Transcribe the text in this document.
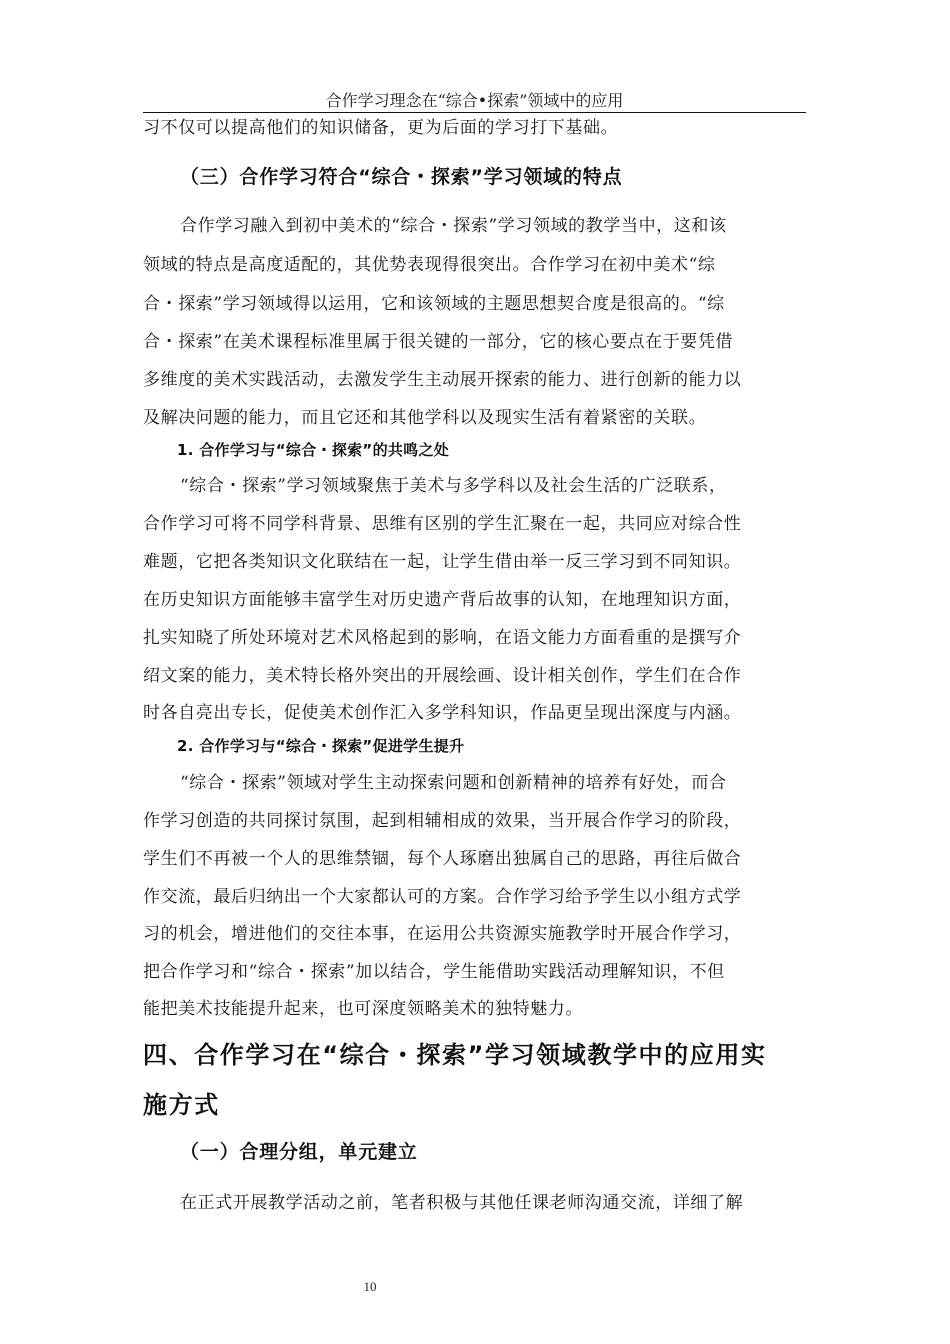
合作学习理念在“综合•探索”领域中的应用
习不仅可以提高他们的知识储备，更为后面的学习打下基础。
（三）合作学习符合“综合・探索”学习领域的特点
合作学习融入到初中美术的“综合・探索”学习领域的教学当中，这和该
领域的特点是高度适配的，其优势表现得很突出。合作学习在初中美术“综
合・探索”学习领域得以运用，它和该领域的主题思想契合度是很高的。“综
合・探索”在美术课程标准里属于很关键的一部分，它的核心要点在于要凭借
多维度的美术实践活动，去激发学生主动展开探索的能力、进行创新的能力以
及解决问题的能力，而且它还和其他学科以及现实生活有着紧密的关联。
1. 合作学习与“综合・探索”的共鸣之处
“综合・探索”学习领域聚焦于美术与多学科以及社会生活的广泛联系，
合作学习可将不同学科背景、思维有区别的学生汇聚在一起，共同应对综合性
难题，它把各类知识文化联结在一起，让学生借由举一反三学习到不同知识。
在历史知识方面能够丰富学生对历史遗产背后故事的认知，在地理知识方面，
扎实知晓了所处环境对艺术风格起到的影响，在语文能力方面看重的是撰写介
绍文案的能力，美术特长格外突出的开展绘画、设计相关创作，学生们在合作
时各自亮出专长，促使美术创作汇入多学科知识，作品更呈现出深度与内涵。
2. 合作学习与“综合・探索”促进学生提升
“综合・探索”领域对学生主动探索问题和创新精神的培养有好处，而合
作学习创造的共同探讨氛围，起到相辅相成的效果，当开展合作学习的阶段，
学生们不再被一个人的思维禁锢，每个人琢磨出独属自己的思路，再往后做合
作交流，最后归纳出一个大家都认可的方案。合作学习给予学生以小组方式学
习的机会，增进他们的交往本事，在运用公共资源实施教学时开展合作学习，
把合作学习和“综合・探索”加以结合，学生能借助实践活动理解知识，不但
能把美术技能提升起来，也可深度领略美术的独特魅力。
四、合作学习在“综合・探索”学习领域教学中的应用实
施方式
（一）合理分组，单元建立
在正式开展教学活动之前，笔者积极与其他任课老师沟通交流，详细了解
10
